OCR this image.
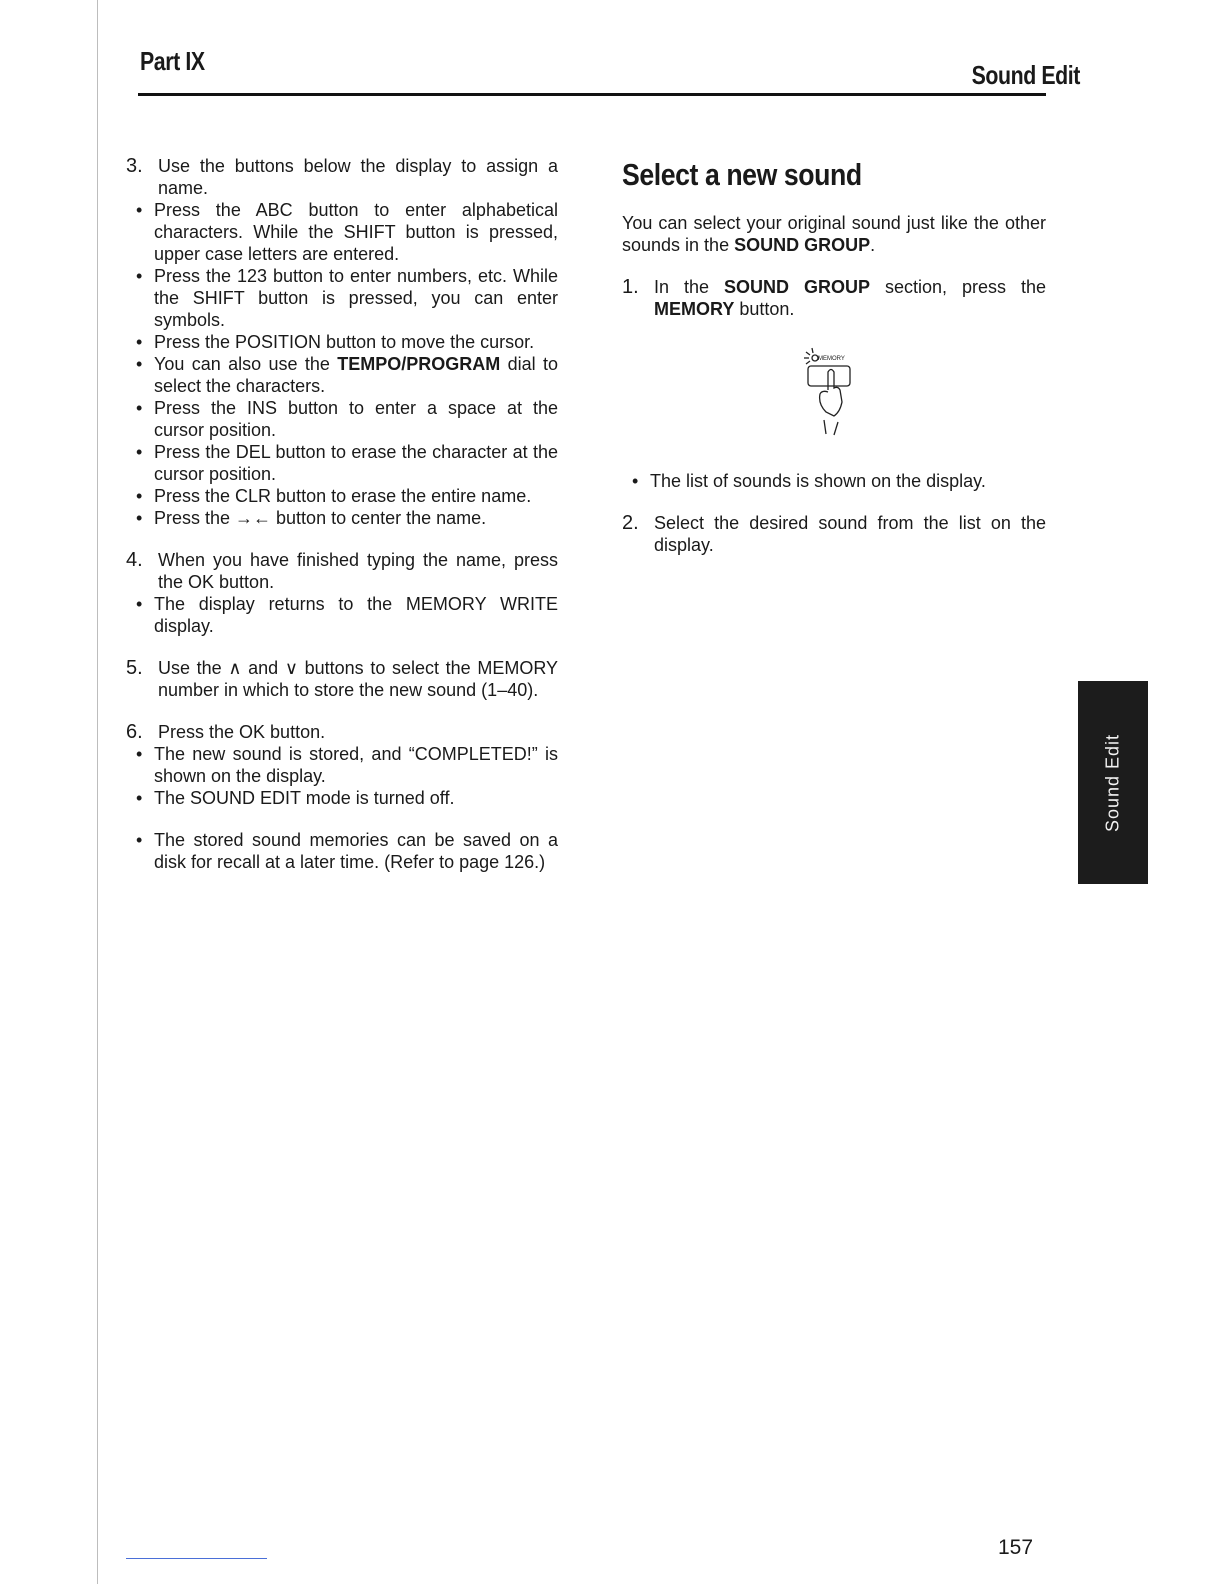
Part IX	Sound Edit
3. Use the buttons below the display to assign a name.
• Press the ABC button to enter alphabetical characters. While the SHIFT button is pressed, upper case letters are entered.
• Press the 123 button to enter numbers, etc. While the SHIFT button is pressed, you can enter symbols.
• Press the POSITION button to move the cursor.
• You can also use the TEMPO/PROGRAM dial to select the characters.
• Press the INS button to enter a space at the cursor position.
• Press the DEL button to erase the character at the cursor position.
• Press the CLR button to erase the entire name.
• Press the →← button to center the name.
4. When you have finished typing the name, press the OK button.
• The display returns to the MEMORY WRITE display.
5. Use the ∧ and ∨ buttons to select the MEMORY number in which to store the new sound (1–40).
6. Press the OK button.
• The new sound is stored, and “COMPLETED!” is shown on the display.
• The SOUND EDIT mode is turned off.
• The stored sound memories can be saved on a disk for recall at a later time. (Refer to page 126.)
Select a new sound
You can select your original sound just like the other sounds in the SOUND GROUP.
1. In the SOUND GROUP section, press the MEMORY button.
MEMORY
• The list of sounds is shown on the display.
2. Select the desired sound from the list on the display.
Sound Edit
157
